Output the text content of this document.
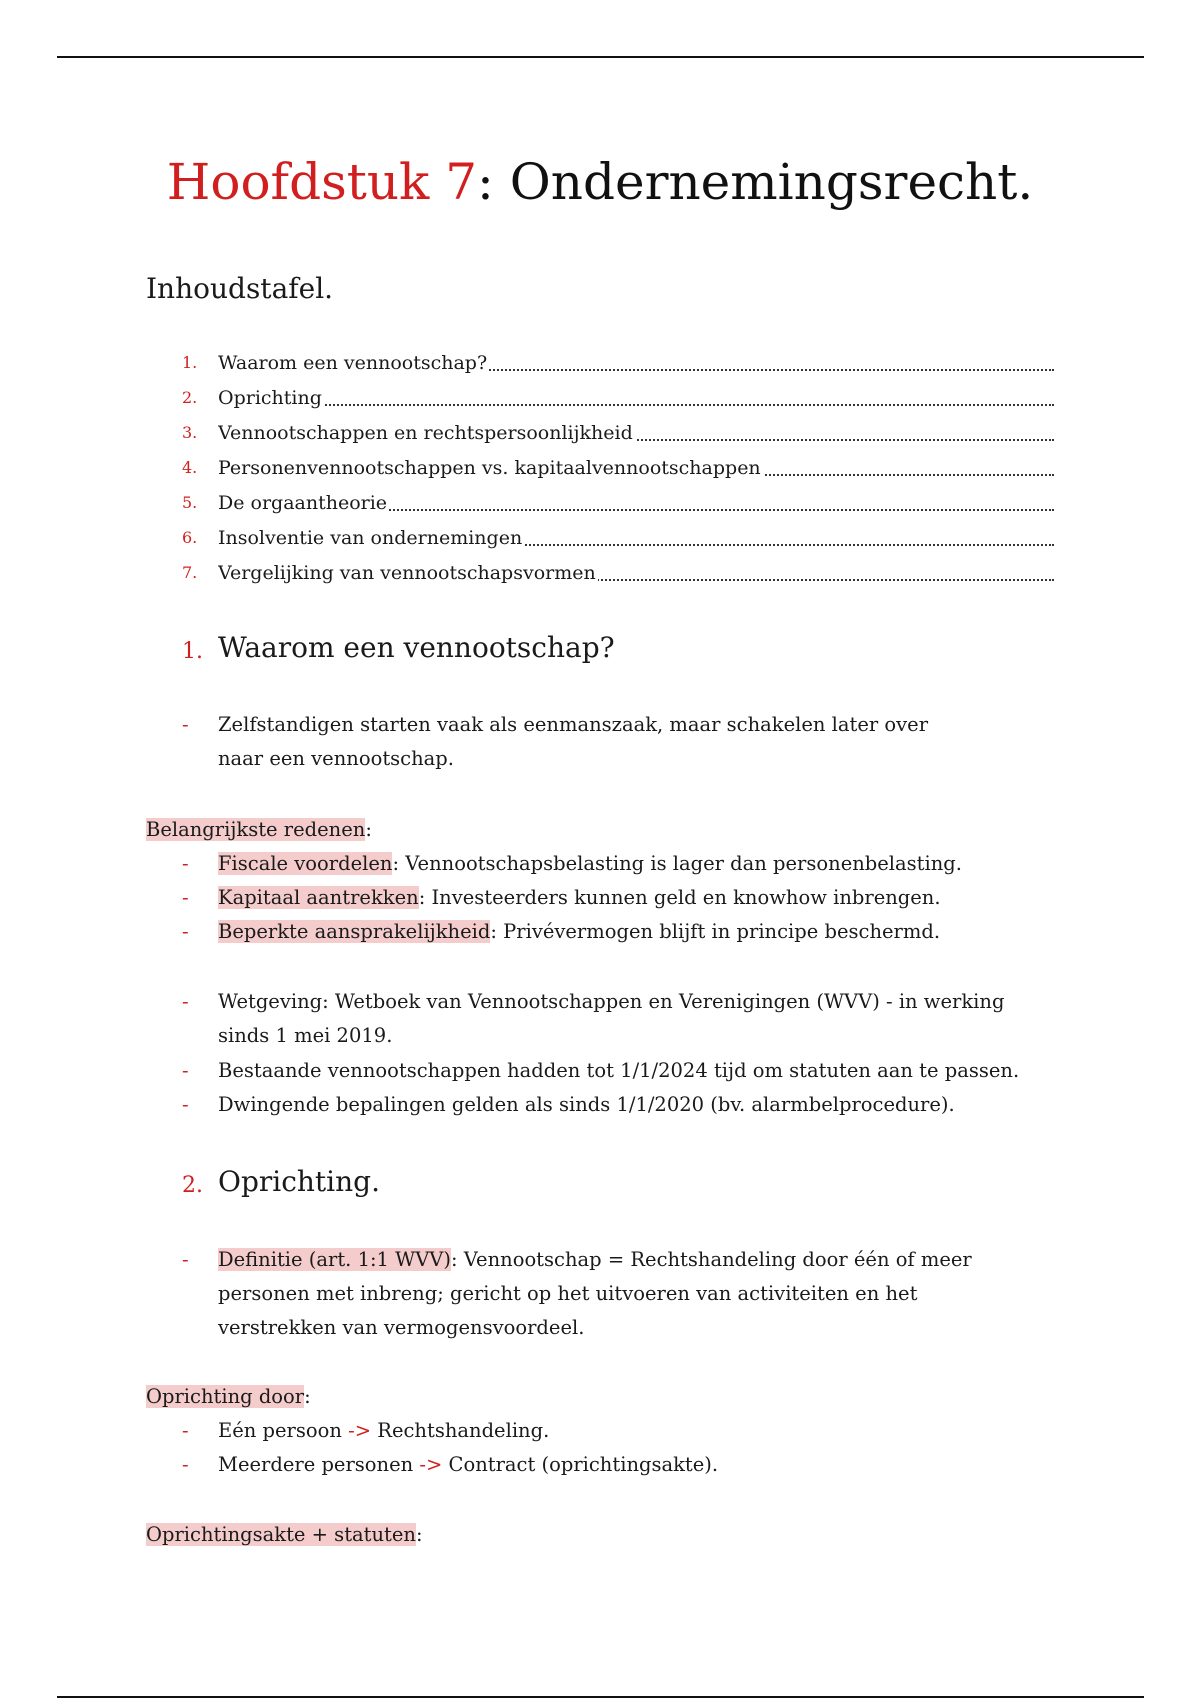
Hoofdstuk 7: Ondernemingsrecht.
Inhoudstafel.
1.	Waarom een vennootschap?
2.	Oprichting
3.	Vennootschappen en rechtspersoonlijkheid
4.	Personenvennootschappen vs. kapitaalvennootschappen
5.	De orgaantheorie
6.	Insolventie van ondernemingen
7.	Vergelijking van vennootschapsvormen
1. Waarom een vennootschap?
- Zelfstandigen starten vaak als eenmanszaak, maar schakelen later over naar een vennootschap.
Belangrijkste redenen:
- Fiscale voordelen: Vennootschapsbelasting is lager dan personenbelasting.
- Kapitaal aantrekken: Investeerders kunnen geld en knowhow inbrengen.
- Beperkte aansprakelijkheid: Privévermogen blijft in principe beschermd.
- Wetgeving: Wetboek van Vennootschappen en Verenigingen (WVV) - in werking sinds 1 mei 2019.
- Bestaande vennootschappen hadden tot 1/1/2024 tijd om statuten aan te passen.
- Dwingende bepalingen gelden als sinds 1/1/2020 (bv. alarmbelprocedure).
2. Oprichting.
- Definitie (art. 1:1 WVV): Vennootschap = Rechtshandeling door één of meer personen met inbreng; gericht op het uitvoeren van activiteiten en het verstrekken van vermogensvoordeel.
Oprichting door:
- Eén persoon -> Rechtshandeling.
- Meerdere personen -> Contract (oprichtingsakte).
Oprichtingsakte + statuten:
